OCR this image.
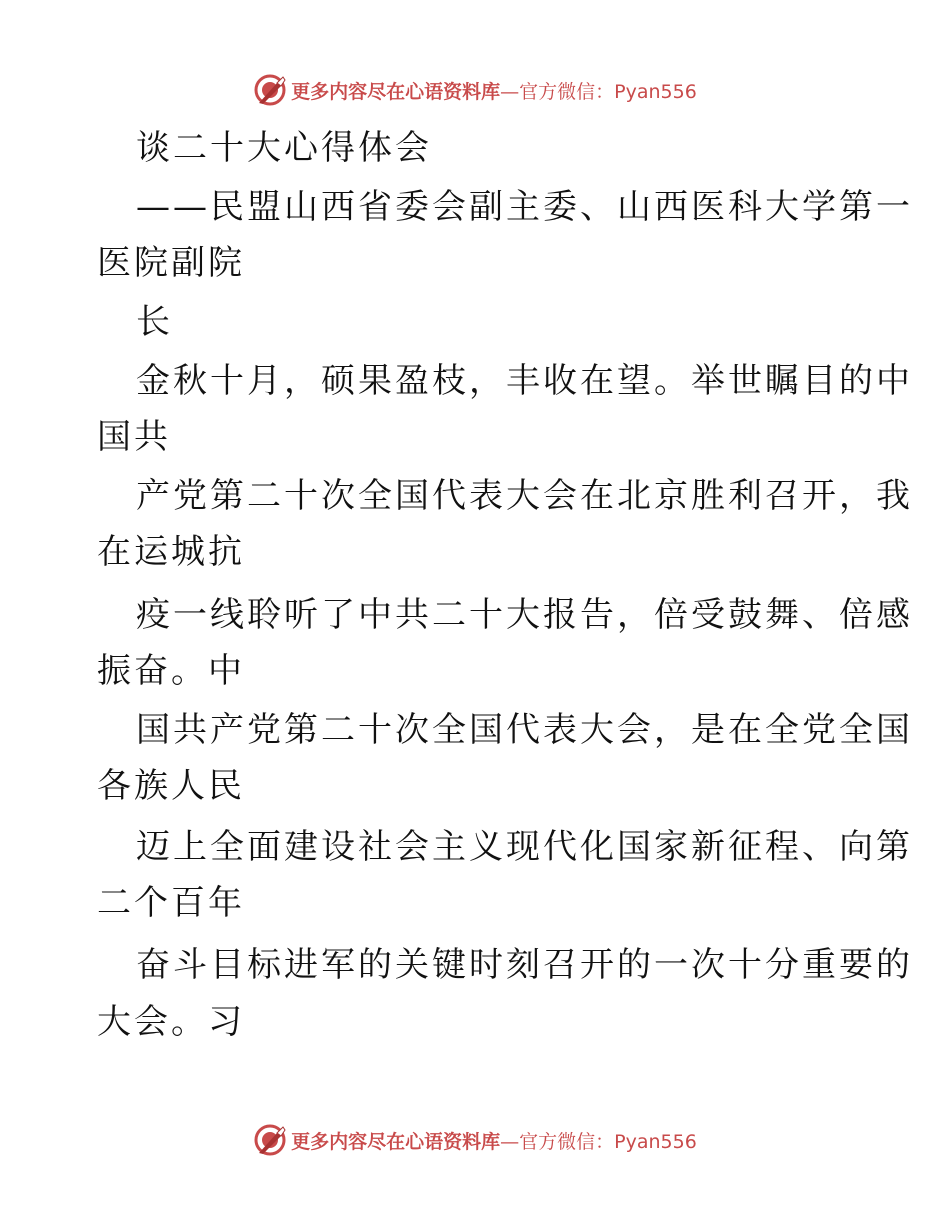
更多内容尽在心语资料库—官方微信：Pyan556
谈二十大心得体会
——民盟山西省委会副主委、山西医科大学第一
医院副院
长
金秋十月，硕果盈枝，丰收在望。举世瞩目的中
国共
产党第二十次全国代表大会在北京胜利召开，我
在运城抗
疫一线聆听了中共二十大报告，倍受鼓舞、倍感
振奋。中
国共产党第二十次全国代表大会，是在全党全国
各族人民
迈上全面建设社会主义现代化国家新征程、向第
二个百年
奋斗目标进军的关键时刻召开的一次十分重要的
大会。习
更多内容尽在心语资料库—官方微信：Pyan556
